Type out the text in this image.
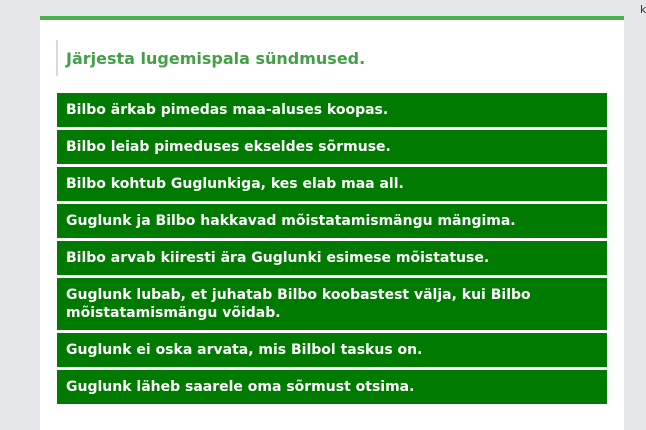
k
Järjesta lugemispala sündmused.
Bilbo ärkab pimedas maa-aluses koopas.
Bilbo leiab pimeduses ekseldes sõrmuse.
Bilbo kohtub Guglunkiga, kes elab maa all.
Guglunk ja Bilbo hakkavad mõistatamismängu mängima.
Bilbo arvab kiiresti ära Guglunki esimese mõistatuse.
Guglunk lubab, et juhatab Bilbo koobastest välja, kui Bilbo mõistatamismängu võidab.
Guglunk ei oska arvata, mis Bilbol taskus on.
Guglunk läheb saarele oma sõrmust otsima.
